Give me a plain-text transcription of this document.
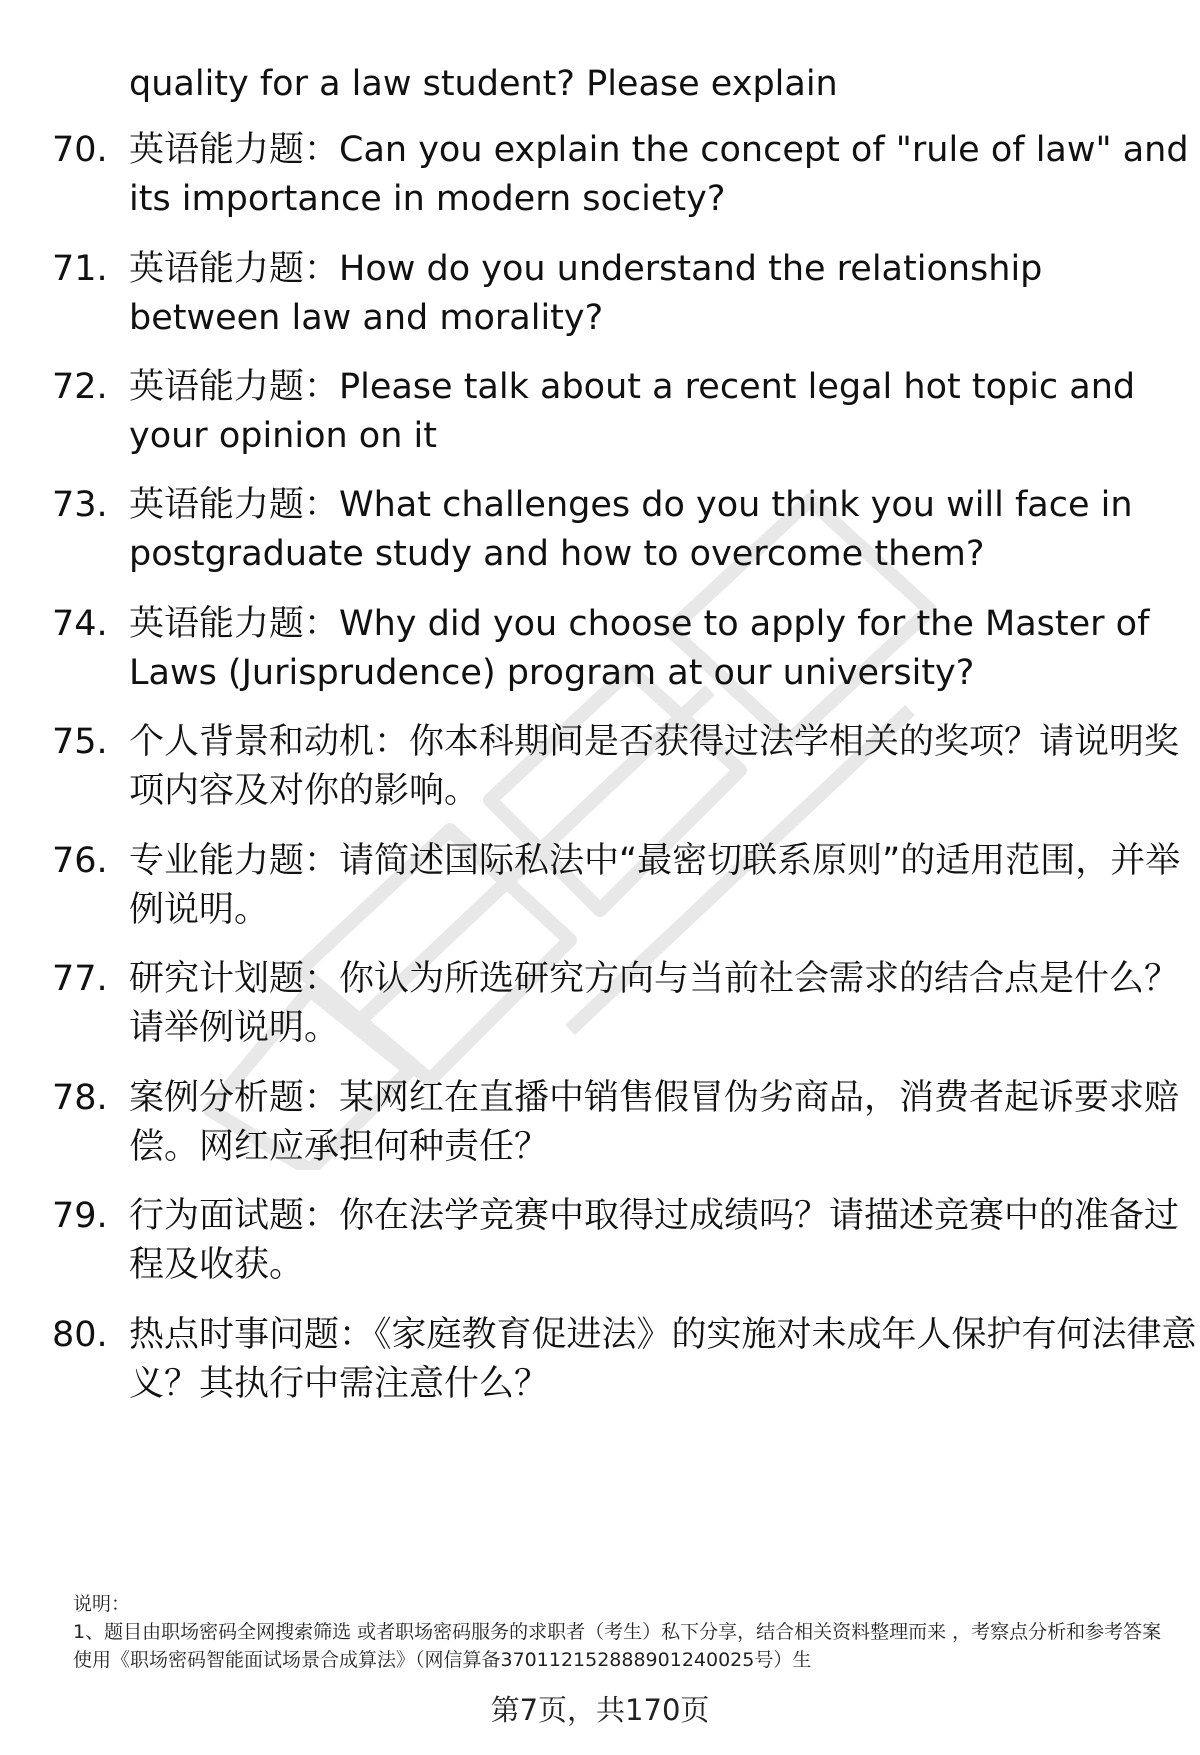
quality for a law student? Please explain
70. 英语能力题：Can you explain the concept of "rule of law" and its importance in modern society?
71. 英语能力题：How do you understand the relationship between law and morality?
72. 英语能力题：Please talk about a recent legal hot topic and your opinion on it
73. 英语能力题：What challenges do you think you will face in postgraduate study and how to overcome them?
74. 英语能力题：Why did you choose to apply for the Master of Laws (Jurisprudence) program at our university?
75. 个人背景和动机：你本科期间是否获得过法学相关的奖项？请说明奖项内容及对你的影响。
76. 专业能力题：请简述国际私法中“最密切联系原则”的适用范围，并举例说明。
77. 研究计划题：你认为所选研究方向与当前社会需求的结合点是什么？请举例说明。
78. 案例分析题：某网红在直播中销售假冒伪劣商品，消费者起诉要求赔偿。网红应承担何种责任？
79. 行为面试题：你在法学竞赛中取得过成绩吗？请描述竞赛中的准备过程及收获。
80. 热点时事问题：《家庭教育促进法》的实施对未成年人保护有何法律意义？其执行中需注意什么？
说明：
1、题目由职场密码全网搜索筛选 或者职场密码服务的求职者（考生）私下分享，结合相关资料整理而来 ，考察点分析和参考答案使用《职场密码智能面试场景合成算法》（网信算备370112152888901240025号）生
第7页，共170页
